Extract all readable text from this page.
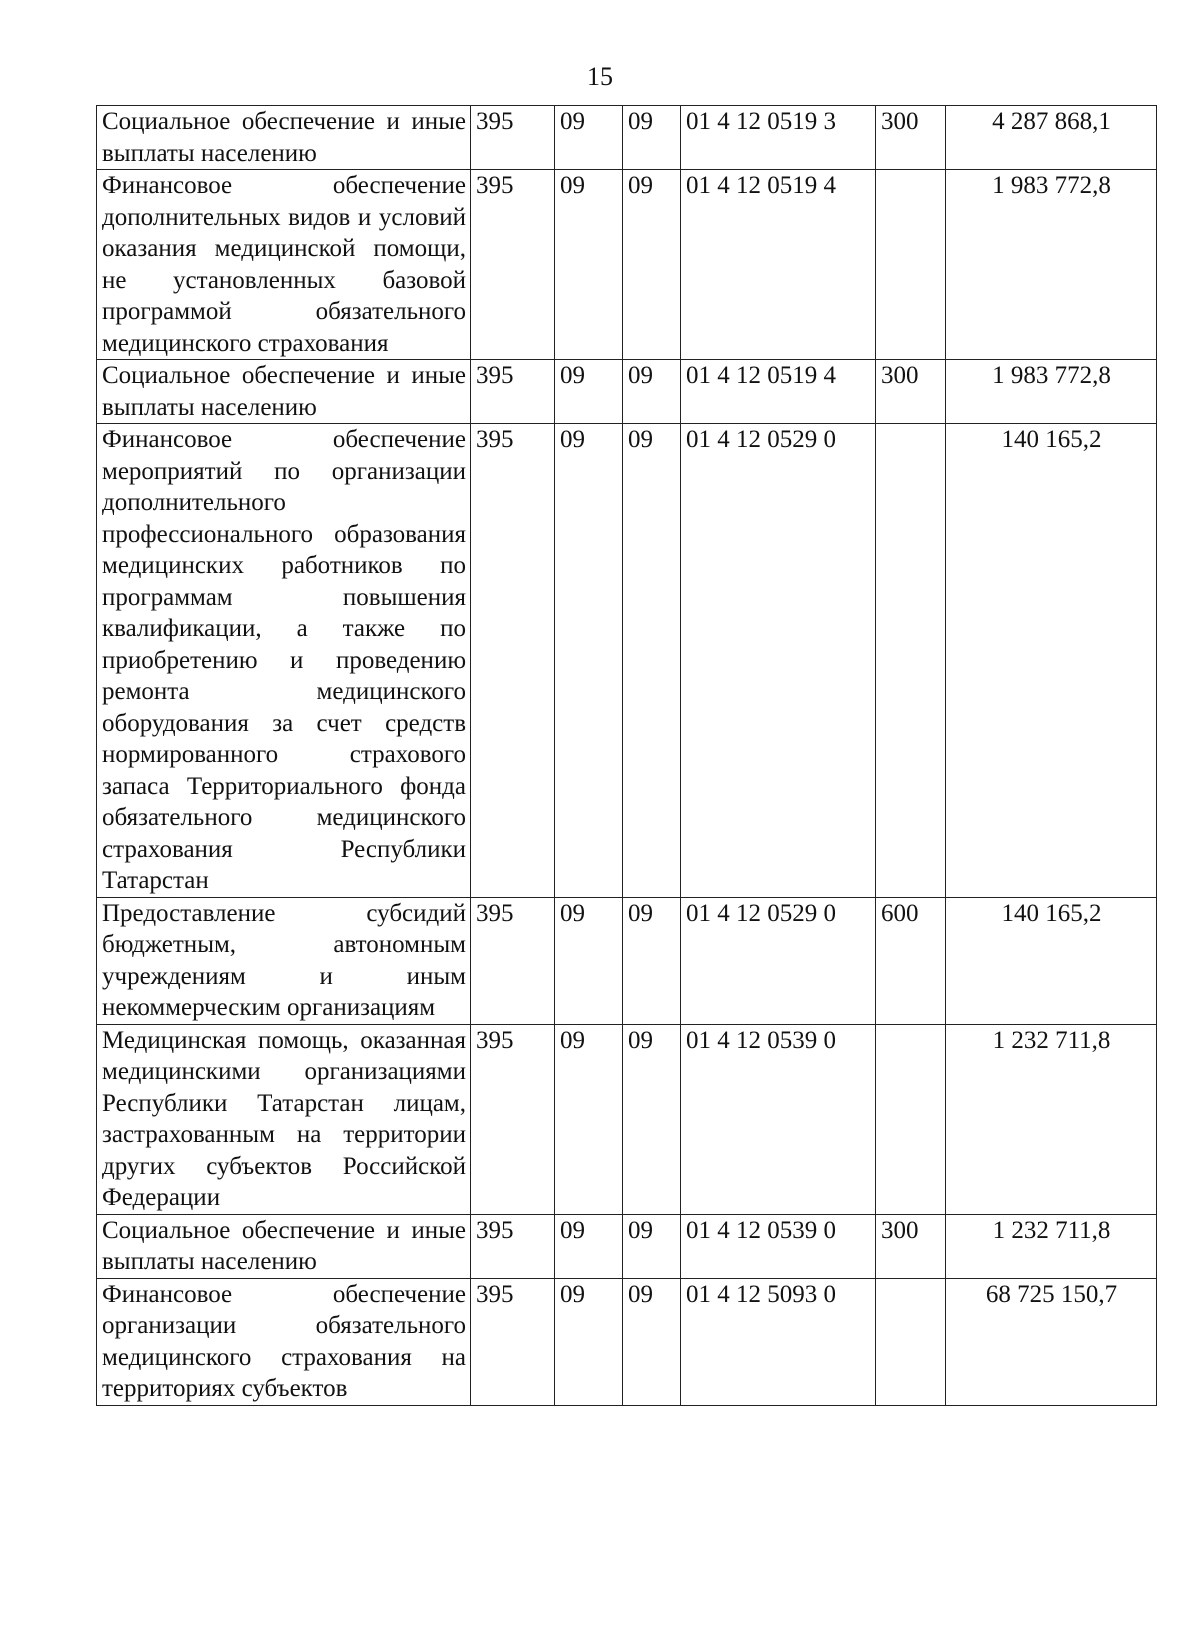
15
Социальное обеспечение и иные выплаты населению	395	09	09	01 4 12 0519 3	300	4 287 868,1
Финансовое обеспечение дополнительных видов и условий оказания медицинской помощи, не установленных базовой программой обязательного медицинского страхования	395	09	09	01 4 12 0519 4		1 983 772,8
Социальное обеспечение и иные выплаты населению	395	09	09	01 4 12 0519 4	300	1 983 772,8
Финансовое обеспечение мероприятий по организации дополнительного профессионального образования медицинских работников по программам повышения квалификации, а также по приобретению и проведению ремонта медицинского оборудования за счет средств нормированного страхового запаса Территориального фонда обязательного медицинского страхования Республики Татарстан	395	09	09	01 4 12 0529 0		140 165,2
Предоставление субсидий бюджетным, автономным учреждениям и иным некоммерческим организациям	395	09	09	01 4 12 0529 0	600	140 165,2
Медицинская помощь, оказанная медицинскими организациями Республики Татарстан лицам, застрахованным на территории других субъектов Российской Федерации	395	09	09	01 4 12 0539 0		1 232 711,8
Социальное обеспечение и иные выплаты населению	395	09	09	01 4 12 0539 0	300	1 232 711,8
Финансовое обеспечение организации обязательного медицинского страхования на территориях субъектов	395	09	09	01 4 12 5093 0		68 725 150,7
